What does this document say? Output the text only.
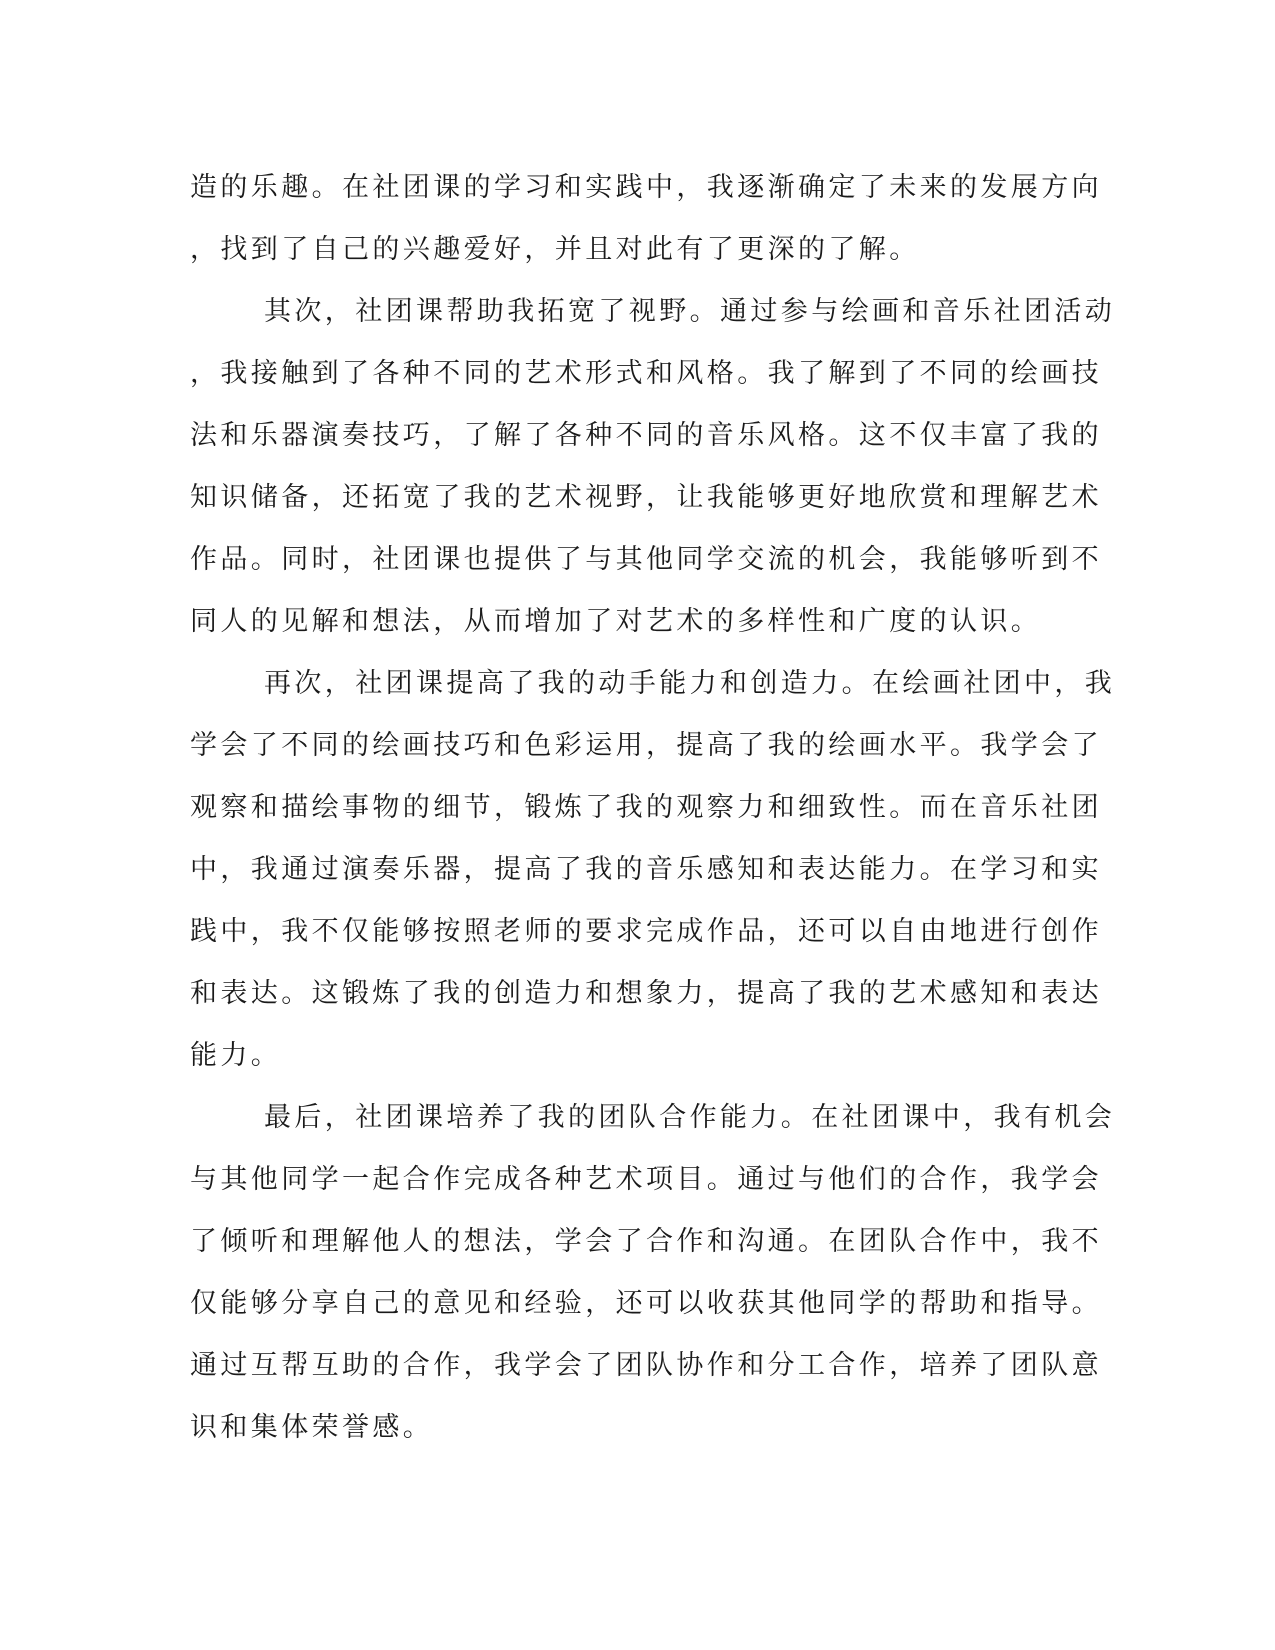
造的乐趣。在社团课的学习和实践中，我逐渐确定了未来的发展方向
，找到了自己的兴趣爱好，并且对此有了更深的了解。
其次，社团课帮助我拓宽了视野。通过参与绘画和音乐社团活动
，我接触到了各种不同的艺术形式和风格。我了解到了不同的绘画技
法和乐器演奏技巧，了解了各种不同的音乐风格。这不仅丰富了我的
知识储备，还拓宽了我的艺术视野，让我能够更好地欣赏和理解艺术
作品。同时，社团课也提供了与其他同学交流的机会，我能够听到不
同人的见解和想法，从而增加了对艺术的多样性和广度的认识。
再次，社团课提高了我的动手能力和创造力。在绘画社团中，我
学会了不同的绘画技巧和色彩运用，提高了我的绘画水平。我学会了
观察和描绘事物的细节，锻炼了我的观察力和细致性。而在音乐社团
中，我通过演奏乐器，提高了我的音乐感知和表达能力。在学习和实
践中，我不仅能够按照老师的要求完成作品，还可以自由地进行创作
和表达。这锻炼了我的创造力和想象力，提高了我的艺术感知和表达
能力。
最后，社团课培养了我的团队合作能力。在社团课中，我有机会
与其他同学一起合作完成各种艺术项目。通过与他们的合作，我学会
了倾听和理解他人的想法，学会了合作和沟通。在团队合作中，我不
仅能够分享自己的意见和经验，还可以收获其他同学的帮助和指导。
通过互帮互助的合作，我学会了团队协作和分工合作，培养了团队意
识和集体荣誉感。
